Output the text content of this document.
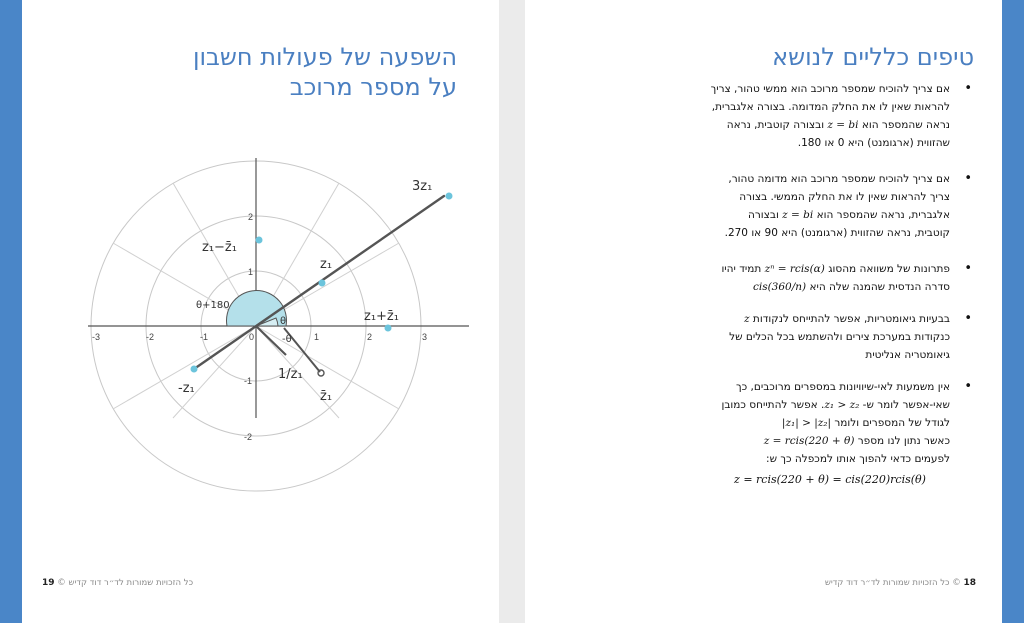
השפעה של פעולות חשבון
על מספר מרוכב
-3	-2	-1	0	1	2	3
2
1
-1
-2
3z₁
z₁−z̄₁
z₁
z₁+z̄₁
-z₁
1/z₁
z̄₁
θ+180
θ
-θ
19 © כל הזכויות שמורות לד״ר דוד קדיש
טיפים כלליים לנושא
•
אם צריך להוכיח שמספר מרוכב הוא ממשי טהור, צריך להראות שאין לו את החלק המדומה. בצורה אלגברית, נראה שהמספר הוא z = bi ובצורה קוטבית, נראה שהזווית (ארגומנט) היא 0 או 180.
•
אם צריך להוכיח שמספר מרוכב הוא מדומה טהור, צריך להראות שאין לו את החלק הממשי. בצורה אלגברית, נראה שהמספר הוא z = bi ובצורה קוטבית, נראה שהזווית (ארגומנט) היא 90 או 270.
•
פתרונות של משוואה מהסוג zⁿ = rcis(α) תמיד יהיו סדרה הנדסית שהמנה שלה היא cis(360/n)
•
בבעיות גיאומטריות, אפשר להתייחס לנקודות z כנקודות במערכת צירים ולהשתמש בכל הכלים של גיאומטריה אנליטית
•
אין משמעות לאי-שיוויונות במספרים מרוכבים, כך שאי-אפשר לומר ש- z₁ > z₂. אפשר להתייחס כמובן לגודל של המספרים ולומר |z₁| > |z₂|
כאשר נתון לנו מספר z = rcis(220 + θ)
לפעמים כדאי להפוך אותו למכפלה כך ש:
z = rcis(220 + θ) = cis(220)rcis(θ)
18 © כל הזכויות שמורות לד״ר דוד קדיש
